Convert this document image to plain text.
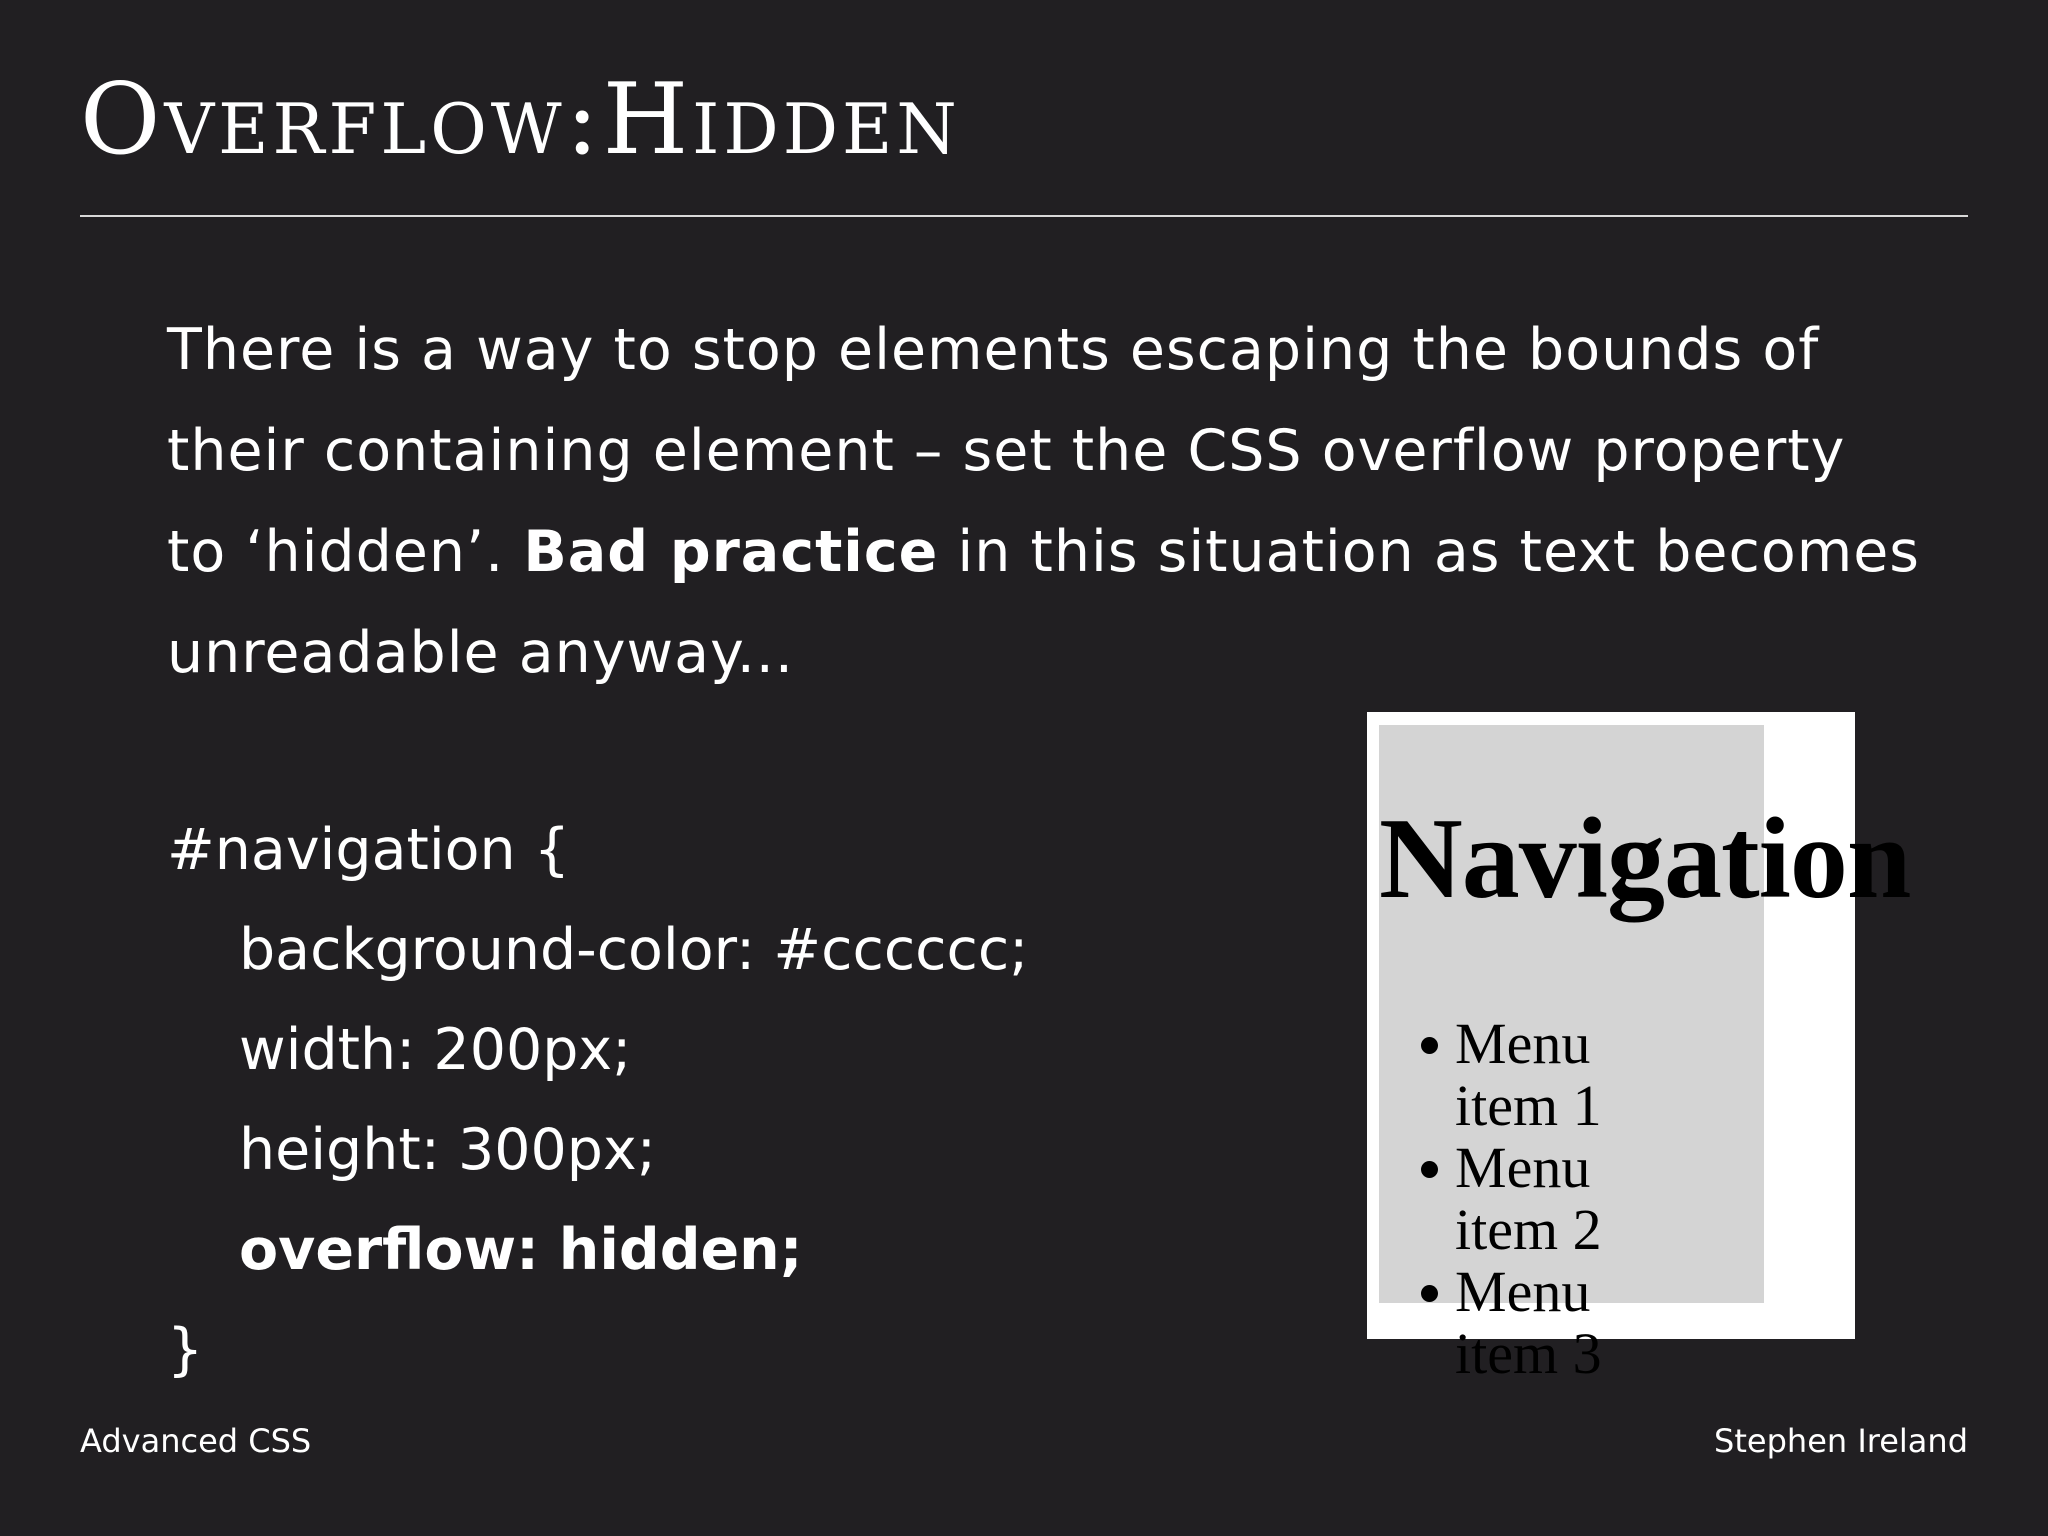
Overflow:Hidden
There is a way to stop elements escaping the bounds of
their containing element – set the CSS overflow property
to ‘hidden’. Bad practice in this situation as text becomes
unreadable anyway...
#navigation {
background-color: #cccccc;
width: 200px;
height: 300px;
overflow: hidden;
}
Navigation
Menu item 1
Menu item 2
Menu item 3
Advanced CSS	Stephen Ireland
